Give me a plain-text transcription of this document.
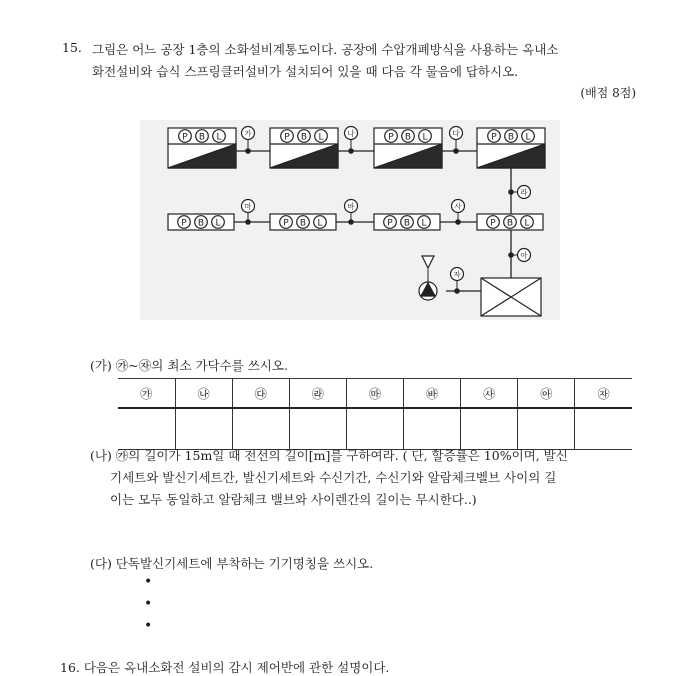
15. 그림은 어느 공장 1층의 소화설비계통도이다. 공장에 수압개폐방식을 사용하는 옥내소
화전설비와 습식 스프링클러설비가 설치되어 있을 때 다음 각 물음에 답하시오.
(배점 8점)
P B L	P B L	P B L	P B L
가	나	다
라
P B L	P B L	P B L	P B L
마	바	사
아
자
(가) ㉮~㉶의 최소 가닥수를 쓰시오.
㉮	㉯	㉰	㉱	㉲	㉳	㉴	㉵	㉶

(나) ㉮의 길이가 15m일 때 전선의 길이[m]를 구하여라. ( 단, 할증률은 10%이며, 발신
기세트와 발신기세트간, 발신기세트와 수신기간, 수신기와 알람체크벨브 사이의 길
이는 모두 동일하고 알람체크 밸브와 사이렌간의 길이는 무시한다..)
(다) 단독발신기세트에 부착하는 기기명칭을 쓰시오.
•
•
•
16. 다음은 옥내소화전 설비의 감시 제어반에 관한 설명이다.
